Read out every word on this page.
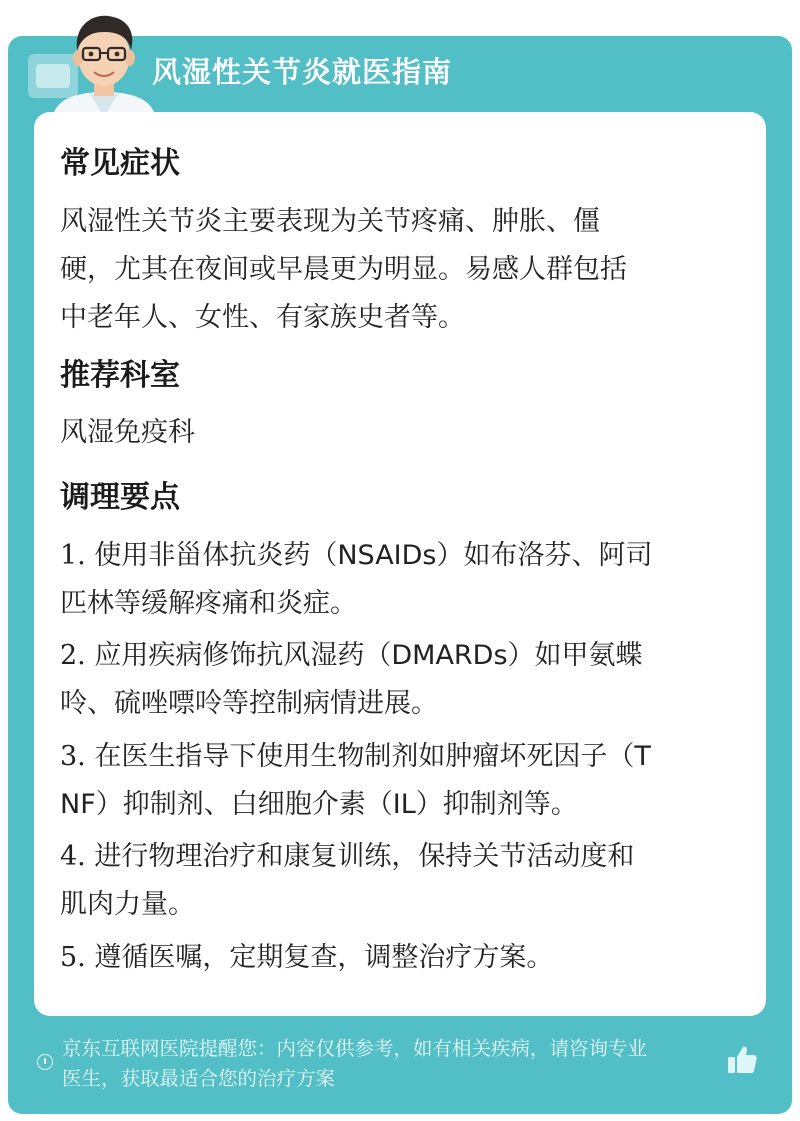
风湿性关节炎就医指南
常见症状
风湿性关节炎主要表现为关节疼痛、肿胀、僵
硬，尤其在夜间或早晨更为明显。易感人群包括
中老年人、女性、有家族史者等。
推荐科室
风湿免疫科
调理要点
1. 使用非甾体抗炎药（NSAIDs）如布洛芬、阿司
匹林等缓解疼痛和炎症。
2. 应用疾病修饰抗风湿药（DMARDs）如甲氨蝶
呤、硫唑嘌呤等控制病情进展。
3. 在医生指导下使用生物制剂如肿瘤坏死因子（T
NF）抑制剂、白细胞介素（IL）抑制剂等。
4. 进行物理治疗和康复训练，保持关节活动度和
肌肉力量。
5. 遵循医嘱，定期复查，调整治疗方案。
京东互联网医院提醒您：内容仅供参考，如有相关疾病，请咨询专业
医生，获取最适合您的治疗方案
